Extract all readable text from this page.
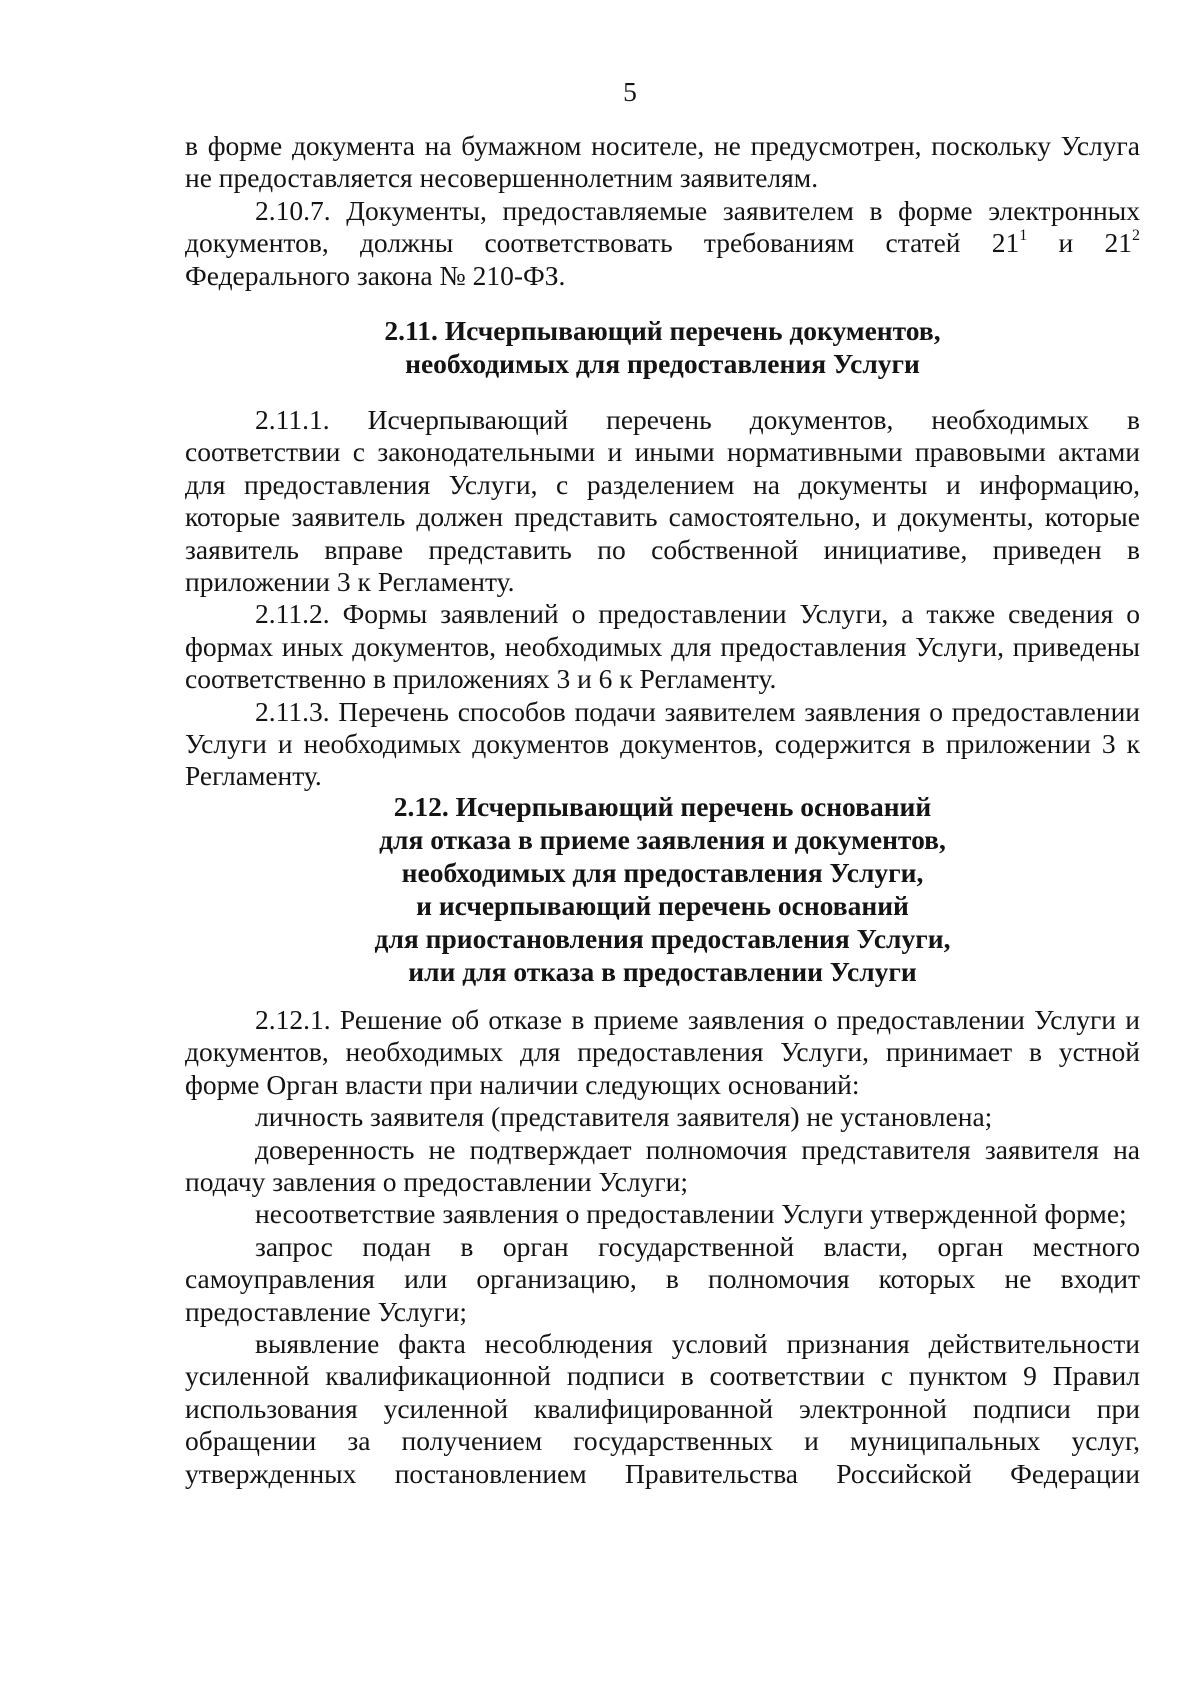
5

в форме документа на бумажном носителе, не предусмотрен, поскольку Услуга не предоставляется несовершеннолетним заявителям.

2.10.7. Документы, предоставляемые заявителем в форме электронных документов, должны соответствовать требованиям статей $21^1$ и $21^2$ Федерального закона № 210-ФЗ.

2.11. Исчерпывающий перечень документов,
необходимых для предоставления Услуги

2.11.1. Исчерпывающий перечень документов, необходимых в соответствии с законодательными и иными нормативными правовыми актами для предоставления Услуги, с разделением на документы и информацию, которые заявитель должен представить самостоятельно, и документы, которые заявитель вправе представить по собственной инициативе, приведен в приложении 3 к Регламенту.

2.11.2. Формы заявлений о предоставлении Услуги, а также сведения о формах иных документов, необходимых для предоставления Услуги, приведены соответственно в приложениях 3 и 6 к Регламенту.

2.11.3. Перечень способов подачи заявителем заявления о предоставлении Услуги и необходимых документов документов, содержится в приложении 3 к Регламенту.

2.12. Исчерпывающий перечень оснований
для отказа в приеме заявления и документов,
необходимых для предоставления Услуги,
и исчерпывающий перечень оснований
для приостановления предоставления Услуги,
или для отказа в предоставлении Услуги

2.12.1. Решение об отказе в приеме заявления о предоставлении Услуги и документов, необходимых для предоставления Услуги, принимает в устной форме Орган власти при наличии следующих оснований:

личность заявителя (представителя заявителя) не установлена;

доверенность не подтверждает полномочия представителя заявителя на подачу завления о предоставлении Услуги;

несоответствие заявления о предоставлении Услуги утвержденной форме;

запрос подан в орган государственной власти, орган местного самоуправления или организацию, в полномочия которых не входит предоставление Услуги;

выявление факта несоблюдения условий признания действительности усиленной квалификационной подписи в соответствии с пунктом 9 Правил использования усиленной квалифицированной электронной подписи при обращении за получением государственных и муниципальных услуг, утвержденных постановлением Правительства Российской Федерации
